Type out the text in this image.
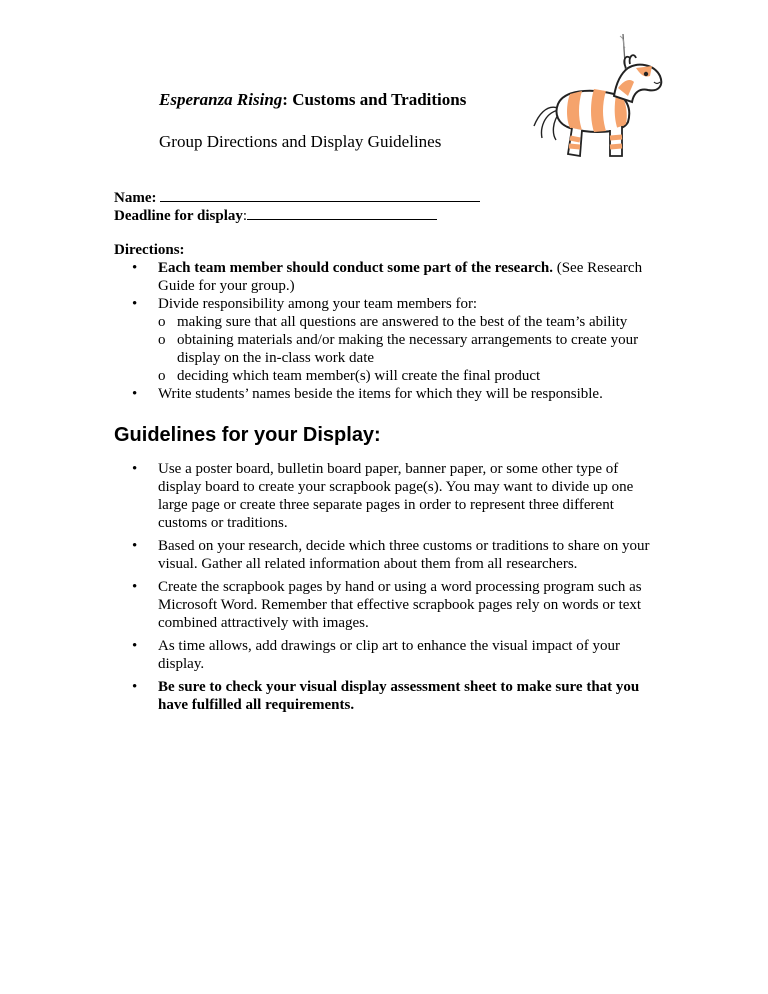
Esperanza Rising: Customs and Traditions
Group Directions and Display Guidelines
Name:
Deadline for display:
Directions:
• Each team member should conduct some part of the research. (See Research Guide for your group.)
• Divide responsibility among your team members for:
o making sure that all questions are answered to the best of the team’s ability
o obtaining materials and/or making the necessary arrangements to create your display on the in-class work date
o deciding which team member(s) will create the final product
• Write students’ names beside the items for which they will be responsible.
Guidelines for your Display:
• Use a poster board, bulletin board paper, banner paper, or some other type of display board to create your scrapbook page(s). You may want to divide up one large page or create three separate pages in order to represent three different customs or traditions.
• Based on your research, decide which three customs or traditions to share on your visual. Gather all related information about them from all researchers.
• Create the scrapbook pages by hand or using a word processing program such as Microsoft Word. Remember that effective scrapbook pages rely on words or text combined attractively with images.
• As time allows, add drawings or clip art to enhance the visual impact of your display.
• Be sure to check your visual display assessment sheet to make sure that you have fulfilled all requirements.
